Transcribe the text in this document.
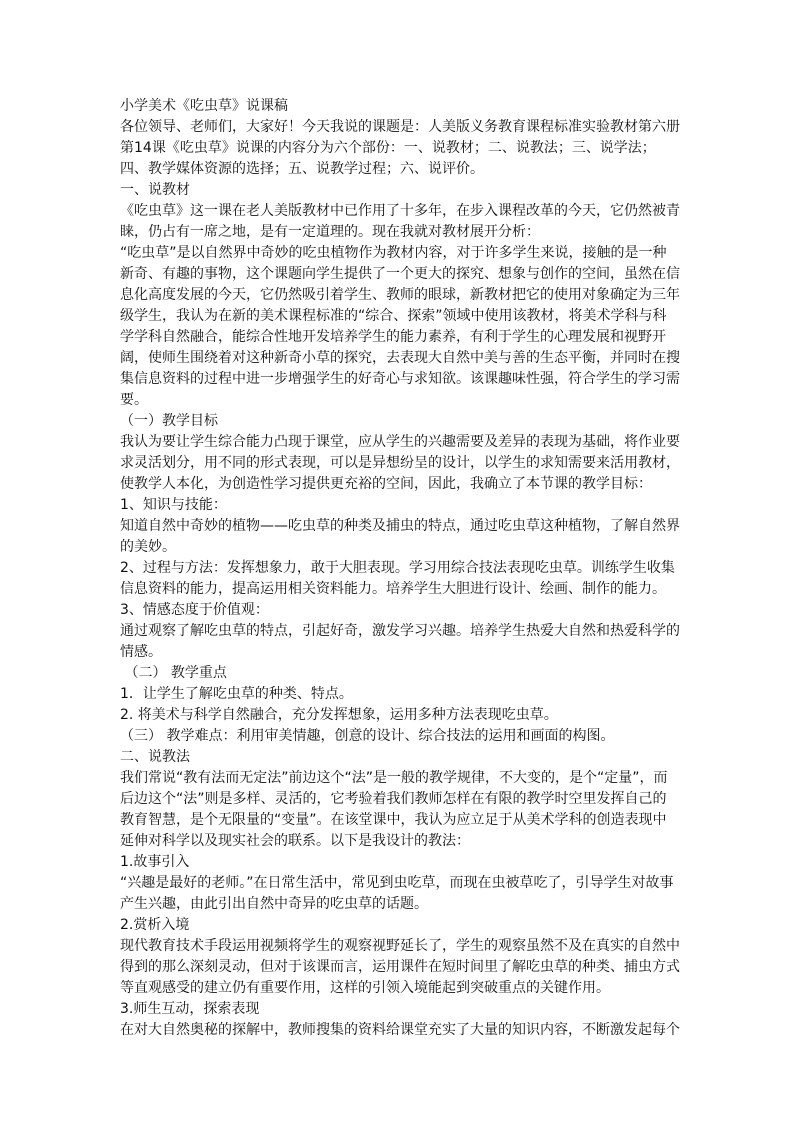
小学美术《吃虫草》说课稿

各位领导、老师们，大家好！今天我说的课题是：人美版义务教育课程标准实验教材第六册第14课《吃虫草》说课的内容分为六个部份：一、说教材；二、说教法；三、说学法；四、教学媒体资源的选择；五、说教学过程；六、说评价。

一、说教材

《吃虫草》这一课在老人美版教材中已作用了十多年，在步入课程改革的今天，它仍然被青睐，仍占有一席之地，是有一定道理的。现在我就对教材展开分析：

“吃虫草”是以自然界中奇妙的吃虫植物作为教材内容，对于许多学生来说，接触的是一种新奇、有趣的事物，这个课题向学生提供了一个更大的探究、想象与创作的空间，虽然在信息化高度发展的今天，它仍然吸引着学生、教师的眼球，新教材把它的使用对象确定为三年级学生，我认为在新的美术课程标准的“综合、探索”领域中使用该教材，将美术学科与科学学科自然融合，能综合性地开发培养学生的能力素养，有利于学生的心理发展和视野开阔，使师生围绕着对这种新奇小草的探究，去表现大自然中美与善的生态平衡，并同时在搜集信息资料的过程中进一步增强学生的好奇心与求知欲。该课趣味性强，符合学生的学习需要。

（一）教学目标

我认为要让学生综合能力凸现于课堂，应从学生的兴趣需要及差异的表现为基础，将作业要求灵活划分，用不同的形式表现，可以是异想纷呈的设计，以学生的求知需要来活用教材，使教学人本化，为创造性学习提供更充裕的空间，因此，我确立了本节课的教学目标：

1、知识与技能：

知道自然中奇妙的植物——吃虫草的种类及捕虫的特点，通过吃虫草这种植物，了解自然界的美妙。

2、过程与方法：发挥想象力，敢于大胆表现。学习用综合技法表现吃虫草。训练学生收集信息资料的能力，提高运用相关资料能力。培养学生大胆进行设计、绘画、制作的能力。

3、情感态度于价值观：

通过观察了解吃虫草的特点，引起好奇，激发学习兴趣。培养学生热爱大自然和热爱科学的情感。

（二） 教学重点

1．让学生了解吃虫草的种类、特点。

2. 将美术与科学自然融合，充分发挥想象，运用多种方法表现吃虫草。

（三） 教学难点：利用审美情趣，创意的设计、综合技法的运用和画面的构图。

二、说教法

我们常说“教有法而无定法”前边这个“法”是一般的教学规律，不大变的，是个“定量”，而后边这个“法”则是多样、灵活的，它考验着我们教师怎样在有限的教学时空里发挥自己的教育智慧，是个无限量的“变量”。在该堂课中，我认为应立足于从美术学科的创造表现中延伸对科学以及现实社会的联系。以下是我设计的教法：

1.故事引入

“兴趣是最好的老师。”在日常生活中，常见到虫吃草，而现在虫被草吃了，引导学生对故事产生兴趣，由此引出自然中奇异的吃虫草的话题。

2.赏析入境

现代教育技术手段运用视频将学生的观察视野延长了，学生的观察虽然不及在真实的自然中得到的那么深刻灵动，但对于该课而言，运用课件在短时间里了解吃虫草的种类、捕虫方式等直观感受的建立仍有重要作用，这样的引领入境能起到突破重点的关键作用。

3.师生互动，探索表现

在对大自然奥秘的探解中，教师搜集的资料给课堂充实了大量的知识内容，不断激发起每个
